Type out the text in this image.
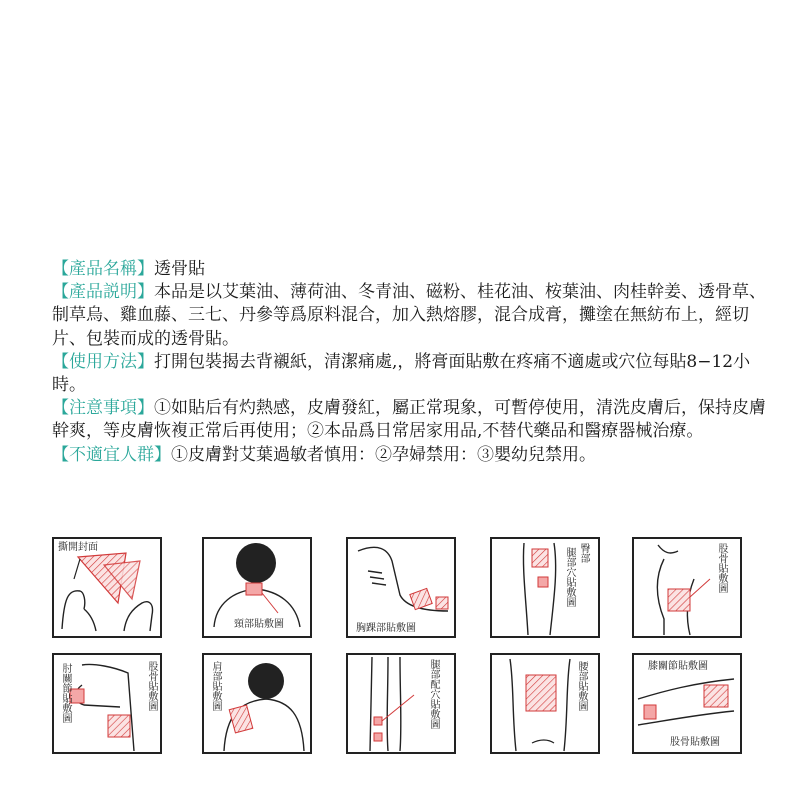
【產品名稱】透骨貼

【產品説明】本品是以艾葉油、薄荷油、冬青油、磁粉、桂花油、桉葉油、肉桂幹姜、透骨草、制草烏、雞血藤、三七、丹參等爲原料混合，加入熱熔膠，混合成膏，攤塗在無紡布上，經切片、包裝而成的透骨貼。

【使用方法】打開包裝揭去背襯紙，清潔痛處,，將膏面貼敷在疼痛不適處或穴位每貼8−12小時。

【注意事項】①如貼后有灼熱感，皮膚發紅，屬正常現象，可暫停使用，清洗皮膚后，保持皮膚幹爽，等皮膚恢複正常后再使用；②本品爲日常居家用品,不替代藥品和醫療器械治療。

【不適宜人群】①皮膚對艾葉過敏者慎用：②孕婦禁用：③嬰幼兒禁用。

撕開封面
頸部貼敷圖	胸踝部貼敷圖
臀部
腿部穴貼敷圖	股骨貼敷圖
肘關節貼敷圖	股骨貼敷圖	肩部貼敷圖	腿部配穴貼敷圖	腰部貼敷圖	膝關節貼敷圖
股骨貼敷圖
